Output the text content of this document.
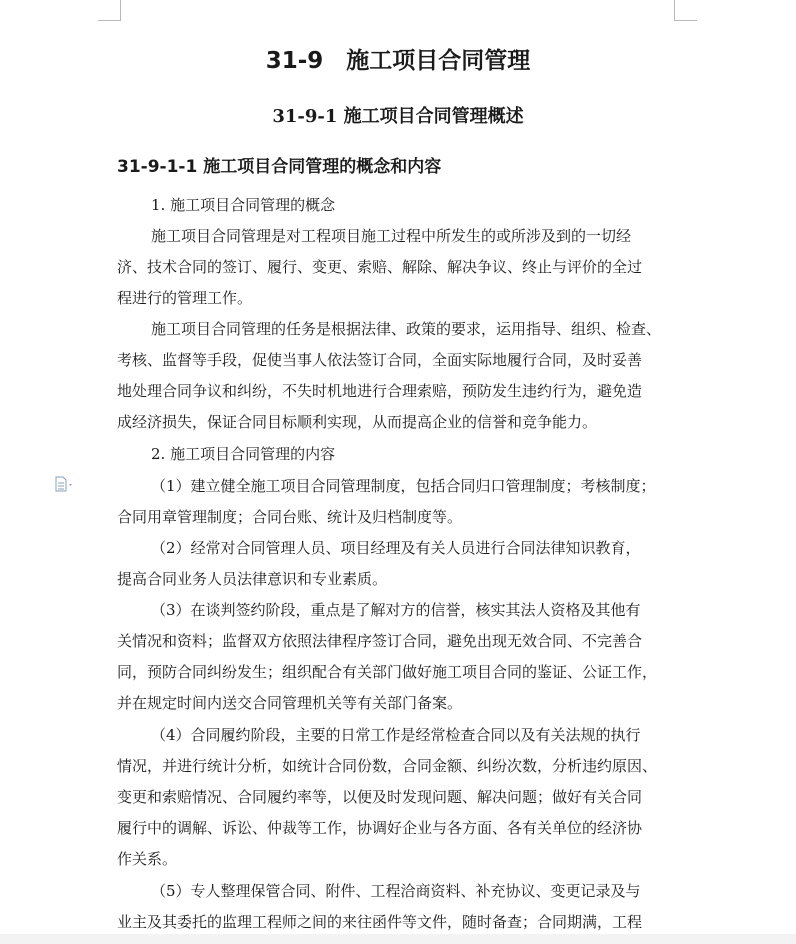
31-9　施工项目合同管理
31-9-1 施工项目合同管理概述
31-9-1-1 施工项目合同管理的概念和内容
1. 施工项目合同管理的概念
施工项目合同管理是对工程项目施工过程中所发生的或所涉及到的一切经
济、技术合同的签订、履行、变更、索赔、解除、解决争议、终止与评价的全过
程进行的管理工作。
施工项目合同管理的任务是根据法律、政策的要求，运用指导、组织、检查、
考核、监督等手段，促使当事人依法签订合同，全面实际地履行合同，及时妥善
地处理合同争议和纠纷，不失时机地进行合理索赔，预防发生违约行为，避免造
成经济损失，保证合同目标顺利实现，从而提高企业的信誉和竞争能力。
2. 施工项目合同管理的内容
（1）建立健全施工项目合同管理制度，包括合同归口管理制度；考核制度；
合同用章管理制度；合同台账、统计及归档制度等。
（2）经常对合同管理人员、项目经理及有关人员进行合同法律知识教育，
提高合同业务人员法律意识和专业素质。
（3）在谈判签约阶段，重点是了解对方的信誉，核实其法人资格及其他有
关情况和资料；监督双方依照法律程序签订合同，避免出现无效合同、不完善合
同，预防合同纠纷发生；组织配合有关部门做好施工项目合同的鉴证、公证工作，
并在规定时间内送交合同管理机关等有关部门备案。
（4）合同履约阶段，主要的日常工作是经常检查合同以及有关法规的执行
情况，并进行统计分析，如统计合同份数，合同金额、纠纷次数，分析违约原因、
变更和索赔情况、合同履约率等，以便及时发现问题、解决问题；做好有关合同
履行中的调解、诉讼、仲裁等工作，协调好企业与各方面、各有关单位的经济协
作关系。
（5）专人整理保管合同、附件、工程洽商资料、补充协议、变更记录及与
业主及其委托的监理工程师之间的来往函件等文件，随时备查；合同期满，工程
